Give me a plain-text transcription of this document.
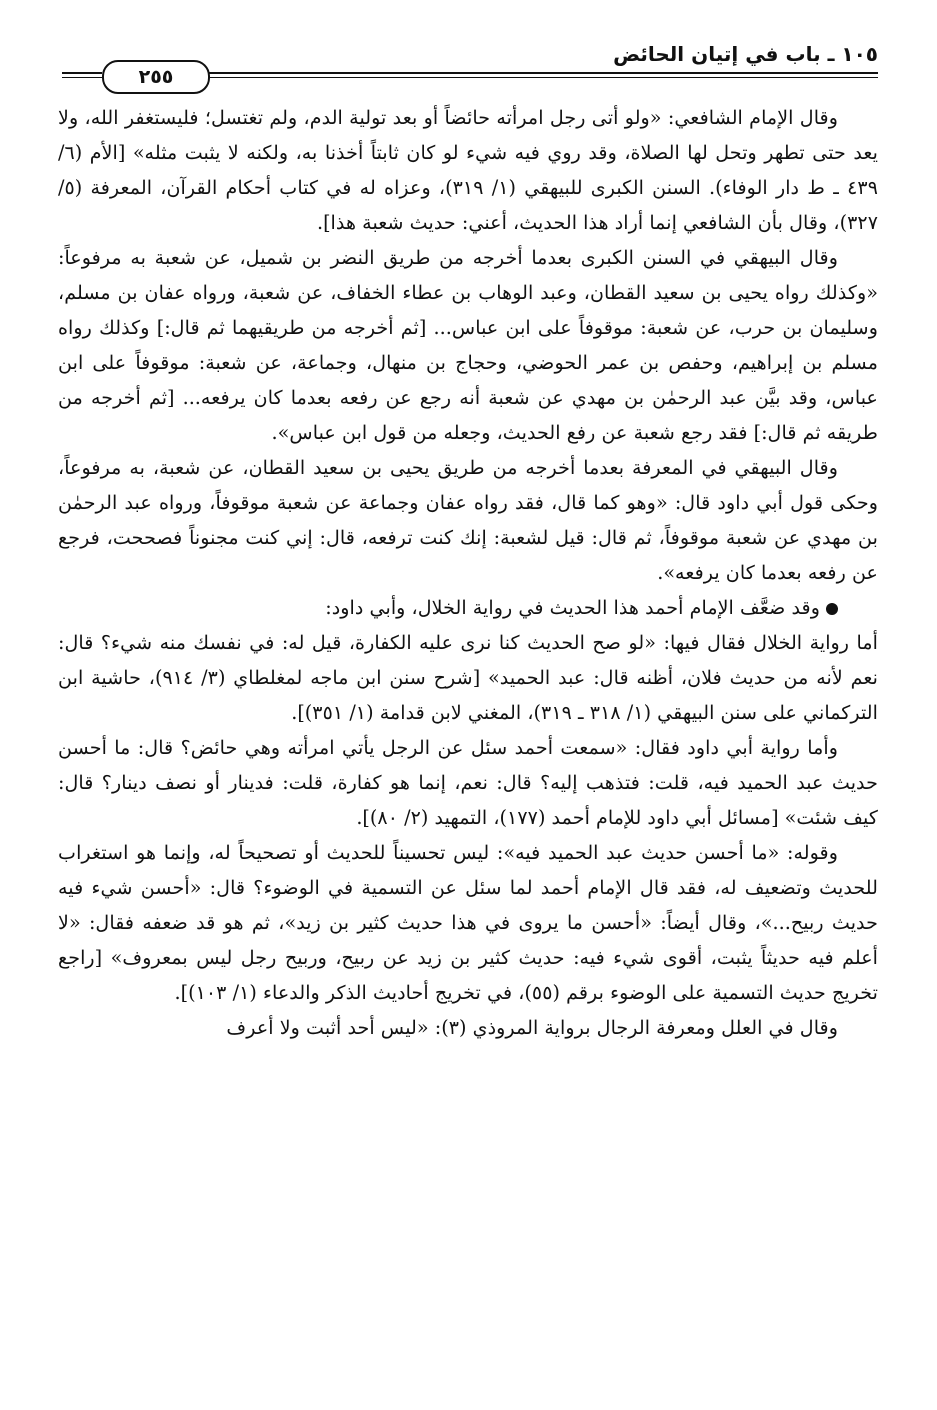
١٠٥ ـ باب في إتيان الحائض
٢٥٥

وقال الإمام الشافعي: «ولو أتى رجل امرأته حائضاً أو بعد تولية الدم، ولم تغتسل؛ فليستغفر الله، ولا يعد حتى تطهر وتحل لها الصلاة، وقد روي فيه شيء لو كان ثابتاً أخذنا به، ولكنه لا يثبت مثله» [الأم (٦/ ٤٣٩ ـ ط دار الوفاء). السنن الكبرى للبيهقي (١/ ٣١٩)، وعزاه له في كتاب أحكام القرآن، المعرفة (٥/ ٣٢٧)، وقال بأن الشافعي إنما أراد هذا الحديث، أعني: حديث شعبة هذا].

وقال البيهقي في السنن الكبرى بعدما أخرجه من طريق النضر بن شميل، عن شعبة به مرفوعاً: «وكذلك رواه يحيى بن سعيد القطان، وعبد الوهاب بن عطاء الخفاف، عن شعبة، ورواه عفان بن مسلم، وسليمان بن حرب، عن شعبة: موقوفاً على ابن عباس... [ثم أخرجه من طريقيهما ثم قال:] وكذلك رواه مسلم بن إبراهيم، وحفص بن عمر الحوضي، وحجاج بن منهال، وجماعة، عن شعبة: موقوفاً على ابن عباس، وقد بيَّن عبد الرحمٰن بن مهدي عن شعبة أنه رجع عن رفعه بعدما كان يرفعه... [ثم أخرجه من طريقه ثم قال:] فقد رجع شعبة عن رفع الحديث، وجعله من قول ابن عباس».

وقال البيهقي في المعرفة بعدما أخرجه من طريق يحيى بن سعيد القطان، عن شعبة، به مرفوعاً، وحكى قول أبي داود قال: «وهو كما قال، فقد رواه عفان وجماعة عن شعبة موقوفاً، ورواه عبد الرحمٰن بن مهدي عن شعبة موقوفاً، ثم قال: قيل لشعبة: إنك كنت ترفعه، قال: إني كنت مجنوناً فصححت، فرجع عن رفعه بعدما كان يرفعه».

وقد ضعَّف الإمام أحمد هذا الحديث في رواية الخلال، وأبي داود:

أما رواية الخلال فقال فيها: «لو صح الحديث كنا نرى عليه الكفارة، قيل له: في نفسك منه شيء؟ قال: نعم لأنه من حديث فلان، أظنه قال: عبد الحميد» [شرح سنن ابن ماجه لمغلطاي (٣/ ٩١٤)، حاشية ابن التركماني على سنن البيهقي (١/ ٣١٨ ـ ٣١٩)، المغني لابن قدامة (١/ ٣٥١)].

وأما رواية أبي داود فقال: «سمعت أحمد سئل عن الرجل يأتي امرأته وهي حائض؟ قال: ما أحسن حديث عبد الحميد فيه، قلت: فتذهب إليه؟ قال: نعم، إنما هو كفارة، قلت: فدينار أو نصف دينار؟ قال: كيف شئت» [مسائل أبي داود للإمام أحمد (١٧٧)، التمهيد (٢/ ٨٠)].

وقوله: «ما أحسن حديث عبد الحميد فيه»: ليس تحسيناً للحديث أو تصحيحاً له، وإنما هو استغراب للحديث وتضعيف له، فقد قال الإمام أحمد لما سئل عن التسمية في الوضوء؟ قال: «أحسن شيء فيه حديث ربيح...»، وقال أيضاً: «أحسن ما يروى في هذا حديث كثير بن زيد»، ثم هو قد ضعفه فقال: «لا أعلم فيه حديثاً يثبت، أقوى شيء فيه: حديث كثير بن زيد عن ربيح، وربيح رجل ليس بمعروف» [راجع تخريج حديث التسمية على الوضوء برقم (٥٥)، في تخريج أحاديث الذكر والدعاء (١/ ١٠٣)].

وقال في العلل ومعرفة الرجال برواية المروذي (٣): «ليس أحد أثبت ولا أعرف
